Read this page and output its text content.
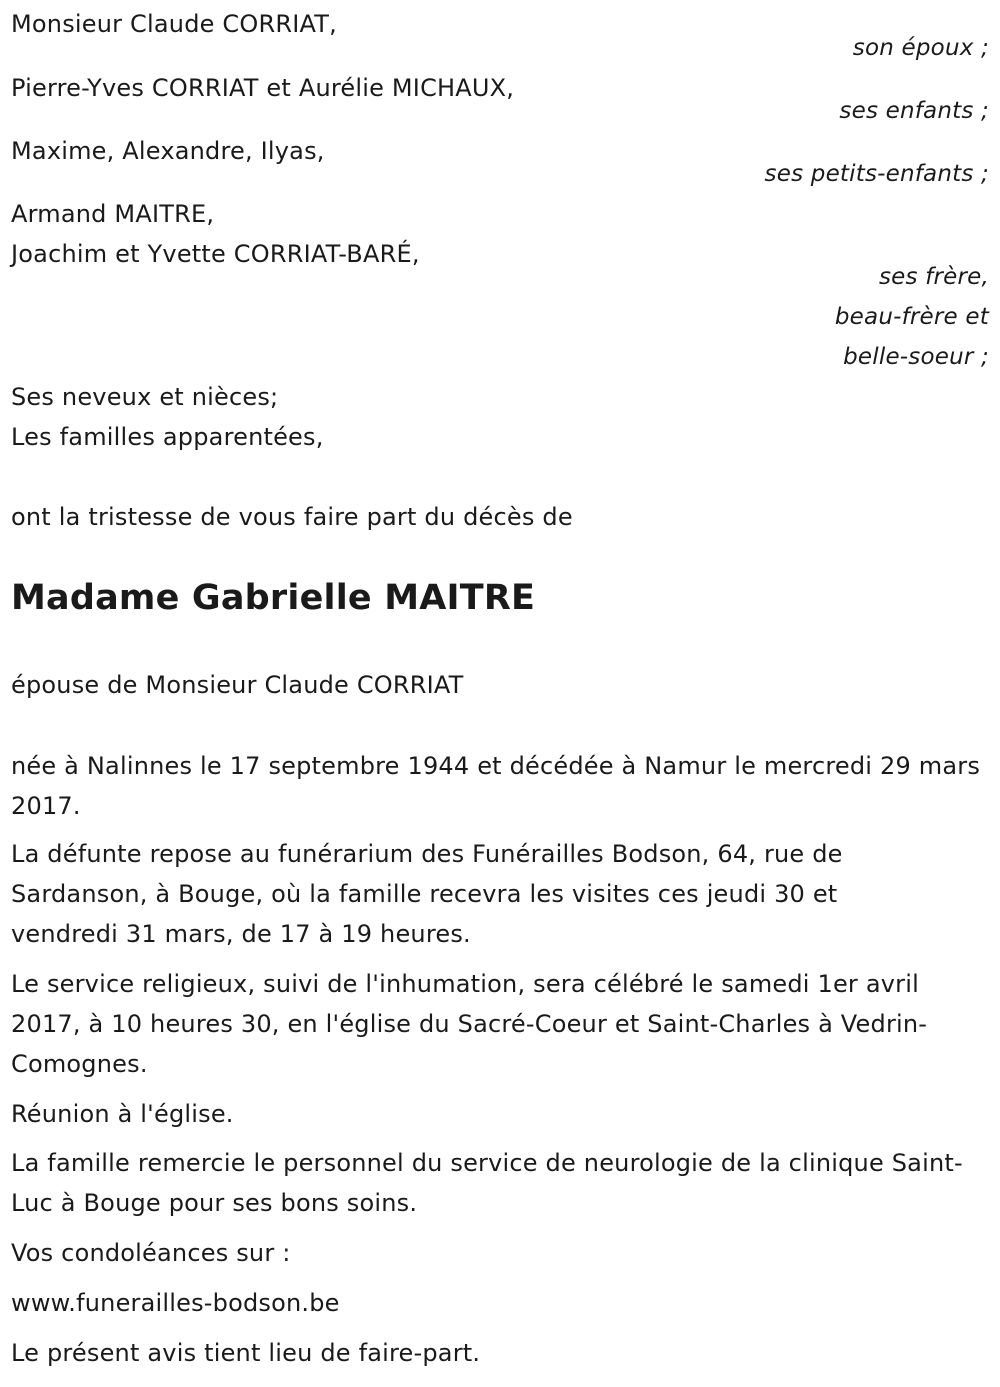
Monsieur Claude CORRIAT,
son époux ;
Pierre-Yves CORRIAT et Aurélie MICHAUX,
ses enfants ;
Maxime, Alexandre, Ilyas,
ses petits-enfants ;
Armand MAITRE,
Joachim et Yvette CORRIAT-BARÉ,
ses frère,
beau-frère et
belle-soeur ;
Ses neveux et nièces;
Les familles apparentées,
ont la tristesse de vous faire part du décès de
Madame Gabrielle MAITRE
épouse de Monsieur Claude CORRIAT

née à Nalinnes le 17 septembre 1944 et décédée à Namur le mercredi 29 mars 2017.

La défunte repose au funérarium des Funérailles Bodson, 64, rue de Sardanson, à Bouge, où la famille recevra les visites ces jeudi 30 et vendredi 31 mars, de 17 à 19 heures.

Le service religieux, suivi de l'inhumation, sera célébré le samedi 1er avril 2017, à 10 heures 30, en l'église du Sacré-Coeur et Saint-Charles à Vedrin-Comognes.

Réunion à l'église.

La famille remercie le personnel du service de neurologie de la clinique Saint-Luc à Bouge pour ses bons soins.

Vos condoléances sur :
www.funerailles-bodson.be
Le présent avis tient lieu de faire-part.
